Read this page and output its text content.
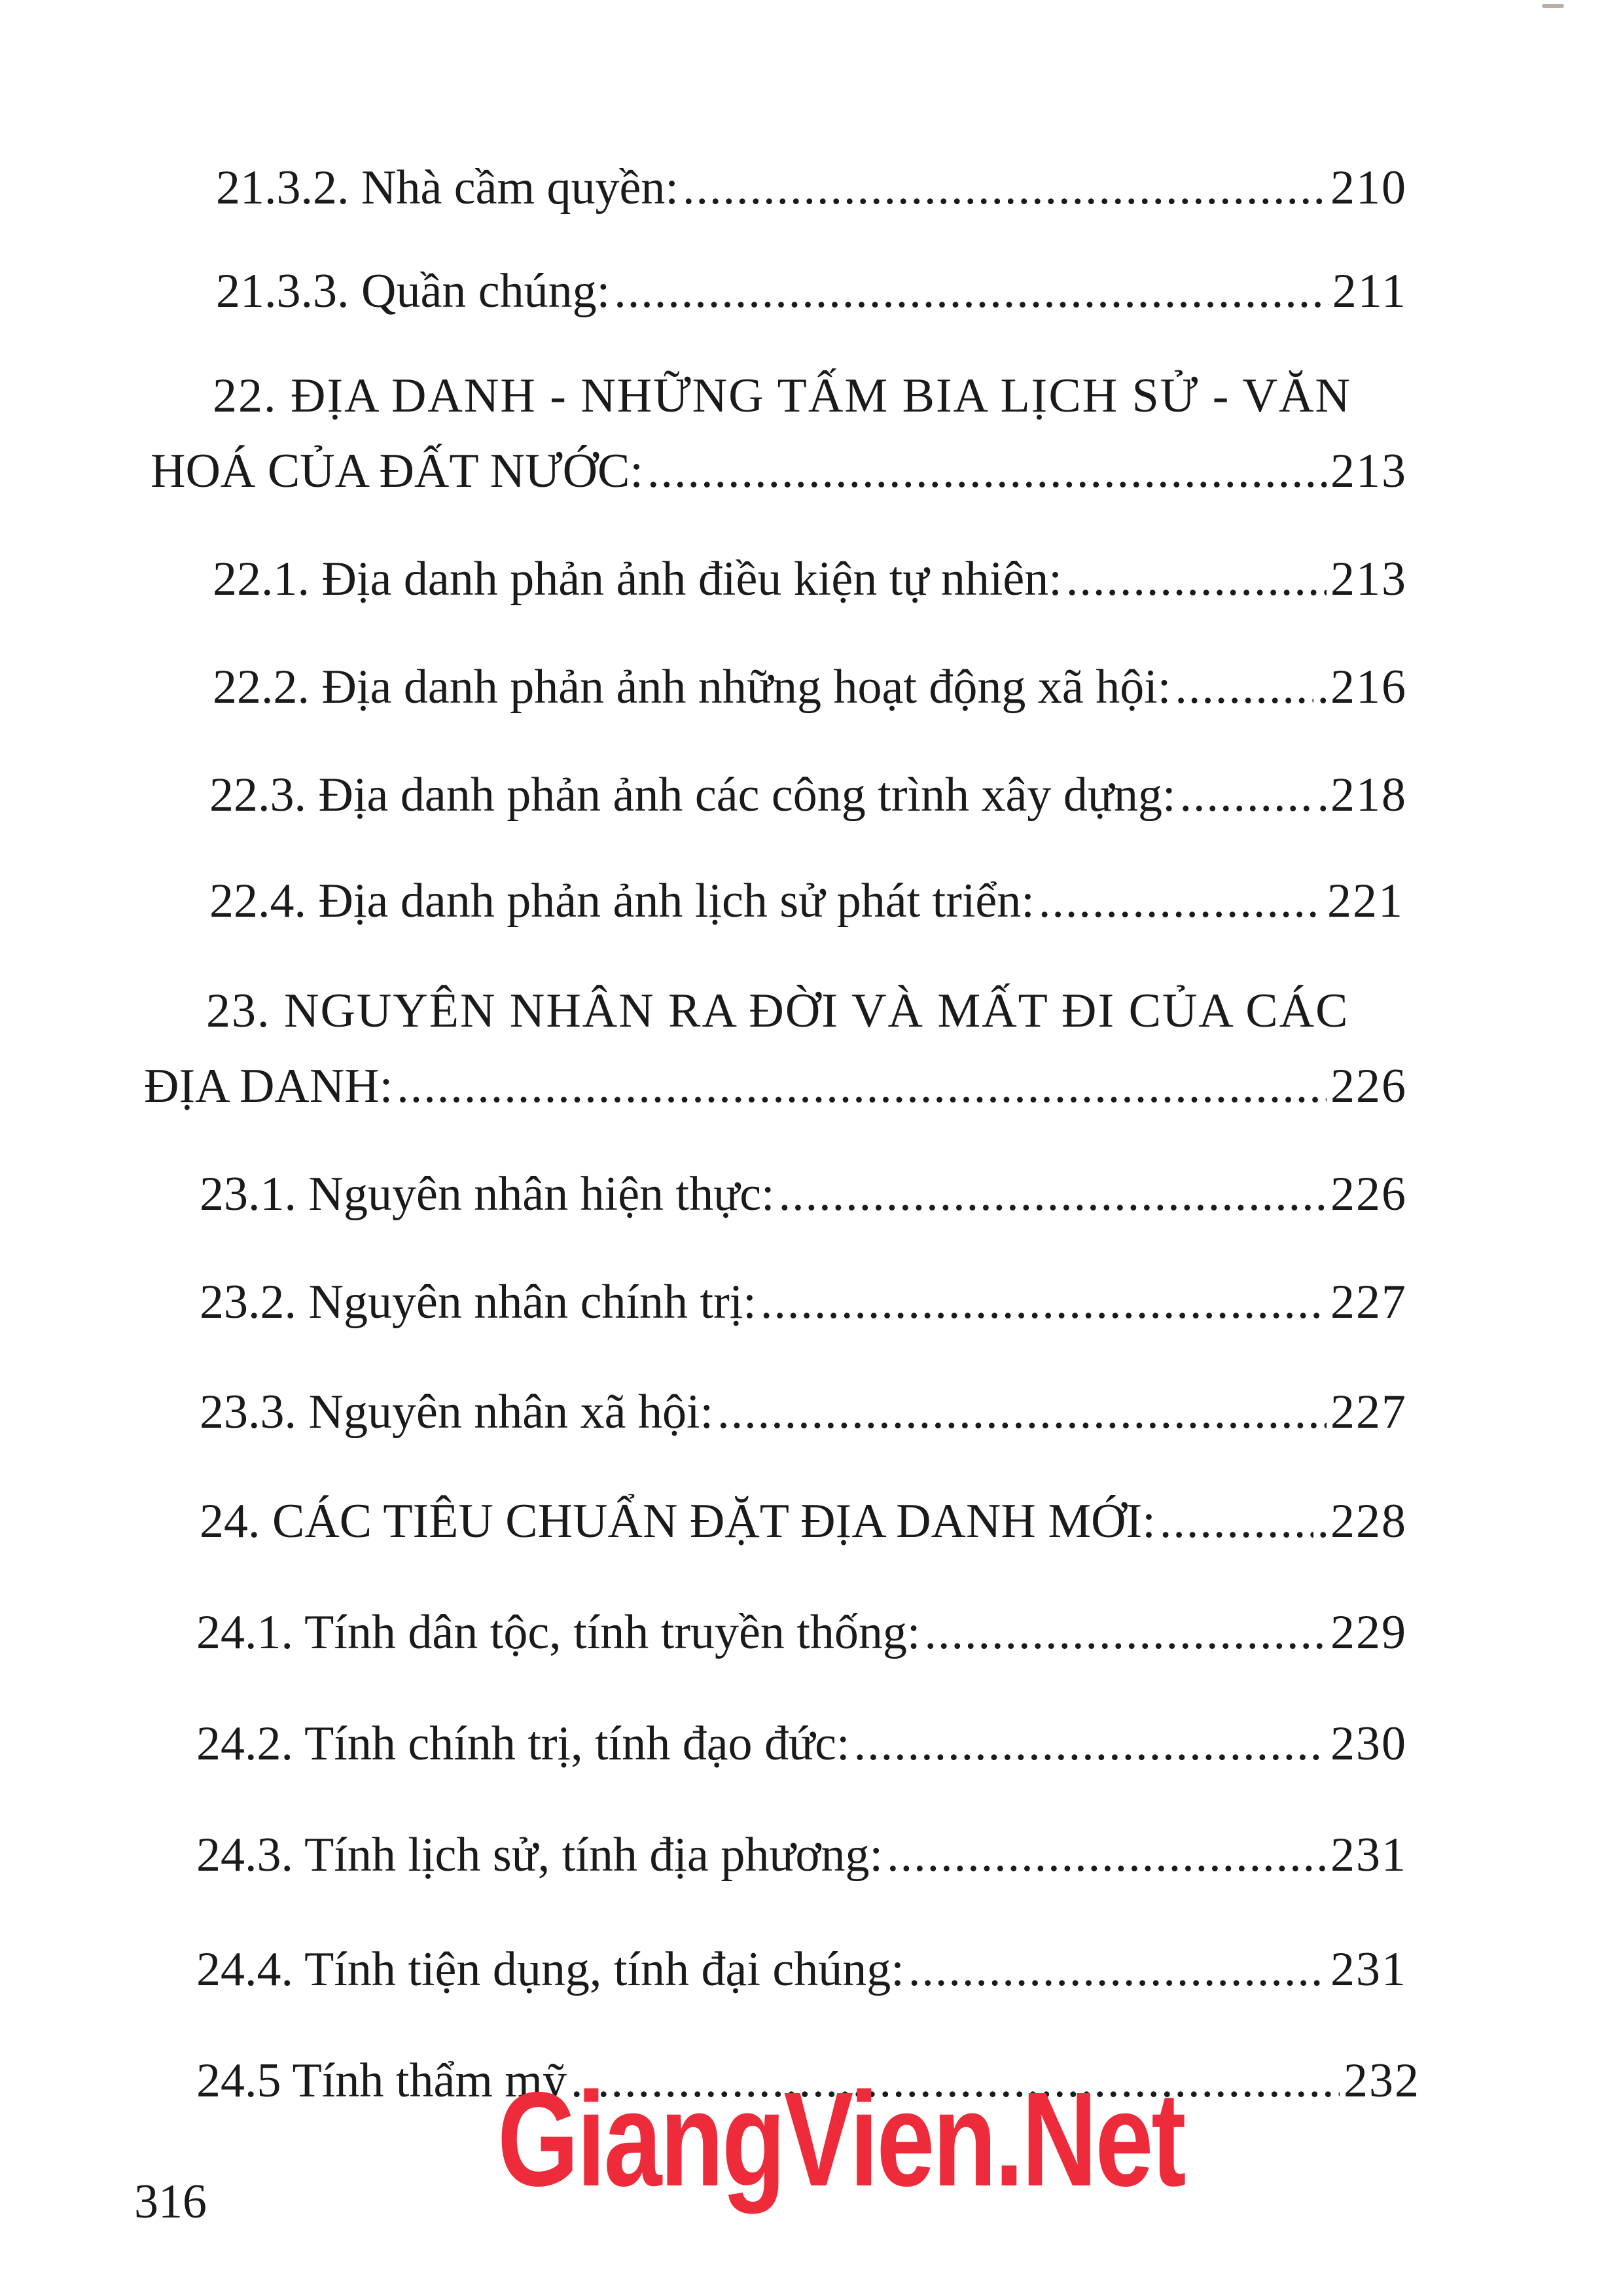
21.3.2. Nhà cầm quyền: .....	210
21.3.3. Quần chúng: .....	211
22. ĐỊA DANH - NHỮNG TẤM BIA LỊCH SỬ - VĂN
HOÁ CỦA ĐẤT NƯỚC: .....	213
22.1. Địa danh phản ảnh điều kiện tự nhiên: .....	213
22.2. Địa danh phản ảnh những hoạt động xã hội: .....	.216
22.3. Địa danh phản ảnh các công trình xây dựng: .....	.218
22.4. Địa danh phản ảnh lịch sử phát triển: .....	221
23. NGUYÊN NHÂN RA ĐỜI VÀ MẤT ĐI CỦA CÁC
ĐỊA DANH: .....	226
23.1. Nguyên nhân hiện thực: .....	226
23.2. Nguyên nhân chính trị: .....	227
23.3. Nguyên nhân xã hội: .....	227
24. CÁC TIÊU CHUẨN ĐẶT ĐỊA DANH MỚI: .....	.228
24.1. Tính dân tộc, tính truyền thống: .....	229
24.2. Tính chính trị, tính đạo đức: .....	230
24.3. Tính lịch sử, tính địa phương: .....	231
24.4. Tính tiện dụng, tính đại chúng: .....	231
24.5 Tính thẩm mỹ .....	232
316 GiangVien.Net
